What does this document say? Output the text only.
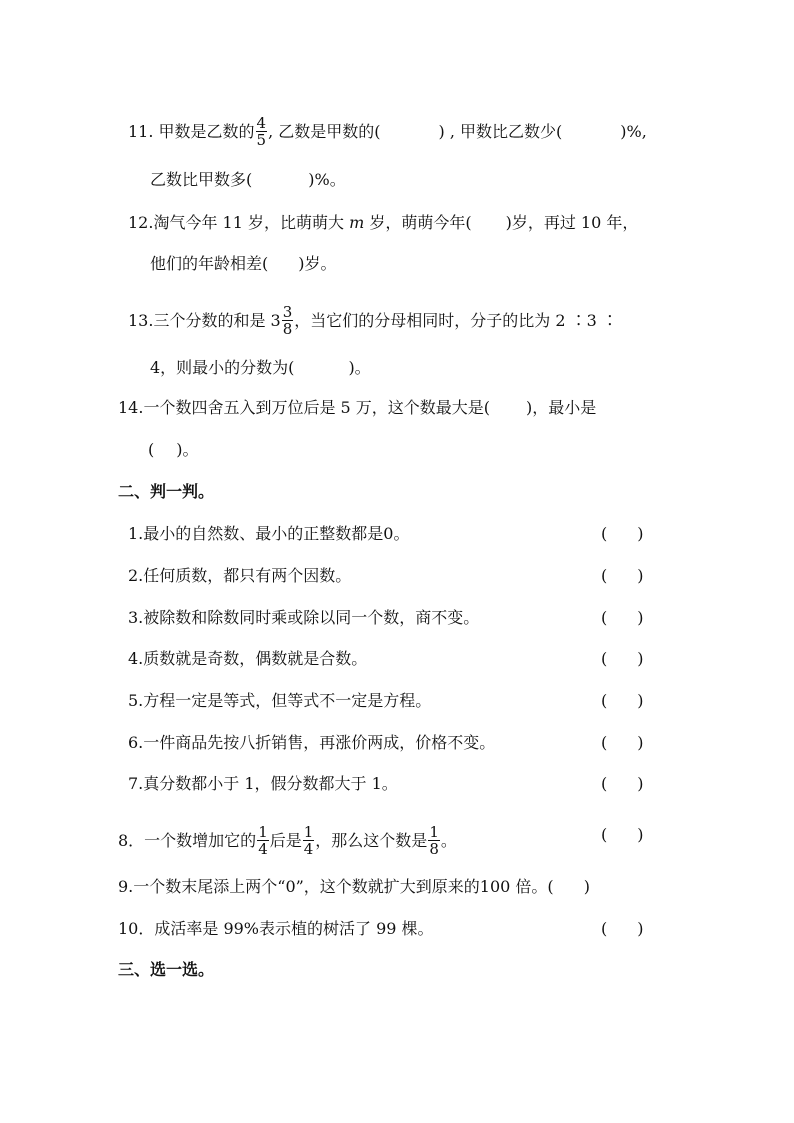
11. 甲数是乙数的 $\frac{4}{5}$ , 乙数是甲数的(	) , 甲数比乙数少(	)%,
乙数比甲数多(	)%。
12.淘气今年 11 岁，比萌萌大 m 岁，萌萌今年( )岁，再过 10 年，
他们的年龄相差( )岁。
13.三个分数的和是 $3 \frac{3}{8}$ ，当它们的分母相同时，分子的比为 2 ∶3 ∶
4，则最小的分数为(	)。
14.一个数四舍五入到万位后是 5 万，这个数最大是( )，最小是
( )。
二、判一判。
1.最小的自然数、最小的正整数都是0。	( )
2.任何质数，都只有两个因数。	( )
3.被除数和除数同时乘或除以同一个数，商不变。	( )
4.质数就是奇数，偶数就是合数。	( )
5.方程一定是等式，但等式不一定是方程。	( )
6.一件商品先按八折销售，再涨价两成，价格不变。	( )
7.真分数都小于 1，假分数都大于 1。	( )
8．一个数增加它的 $\frac{1}{4}$ 后是 $\frac{1}{4}$ ，那么这个数是 $\frac{1}{8}$ 。	( )
9.一个数末尾添上两个“0”，这个数就扩大到原来的100 倍。( )
10．成活率是 99%表示植的树活了 99 棵。	( )
三、选一选。
